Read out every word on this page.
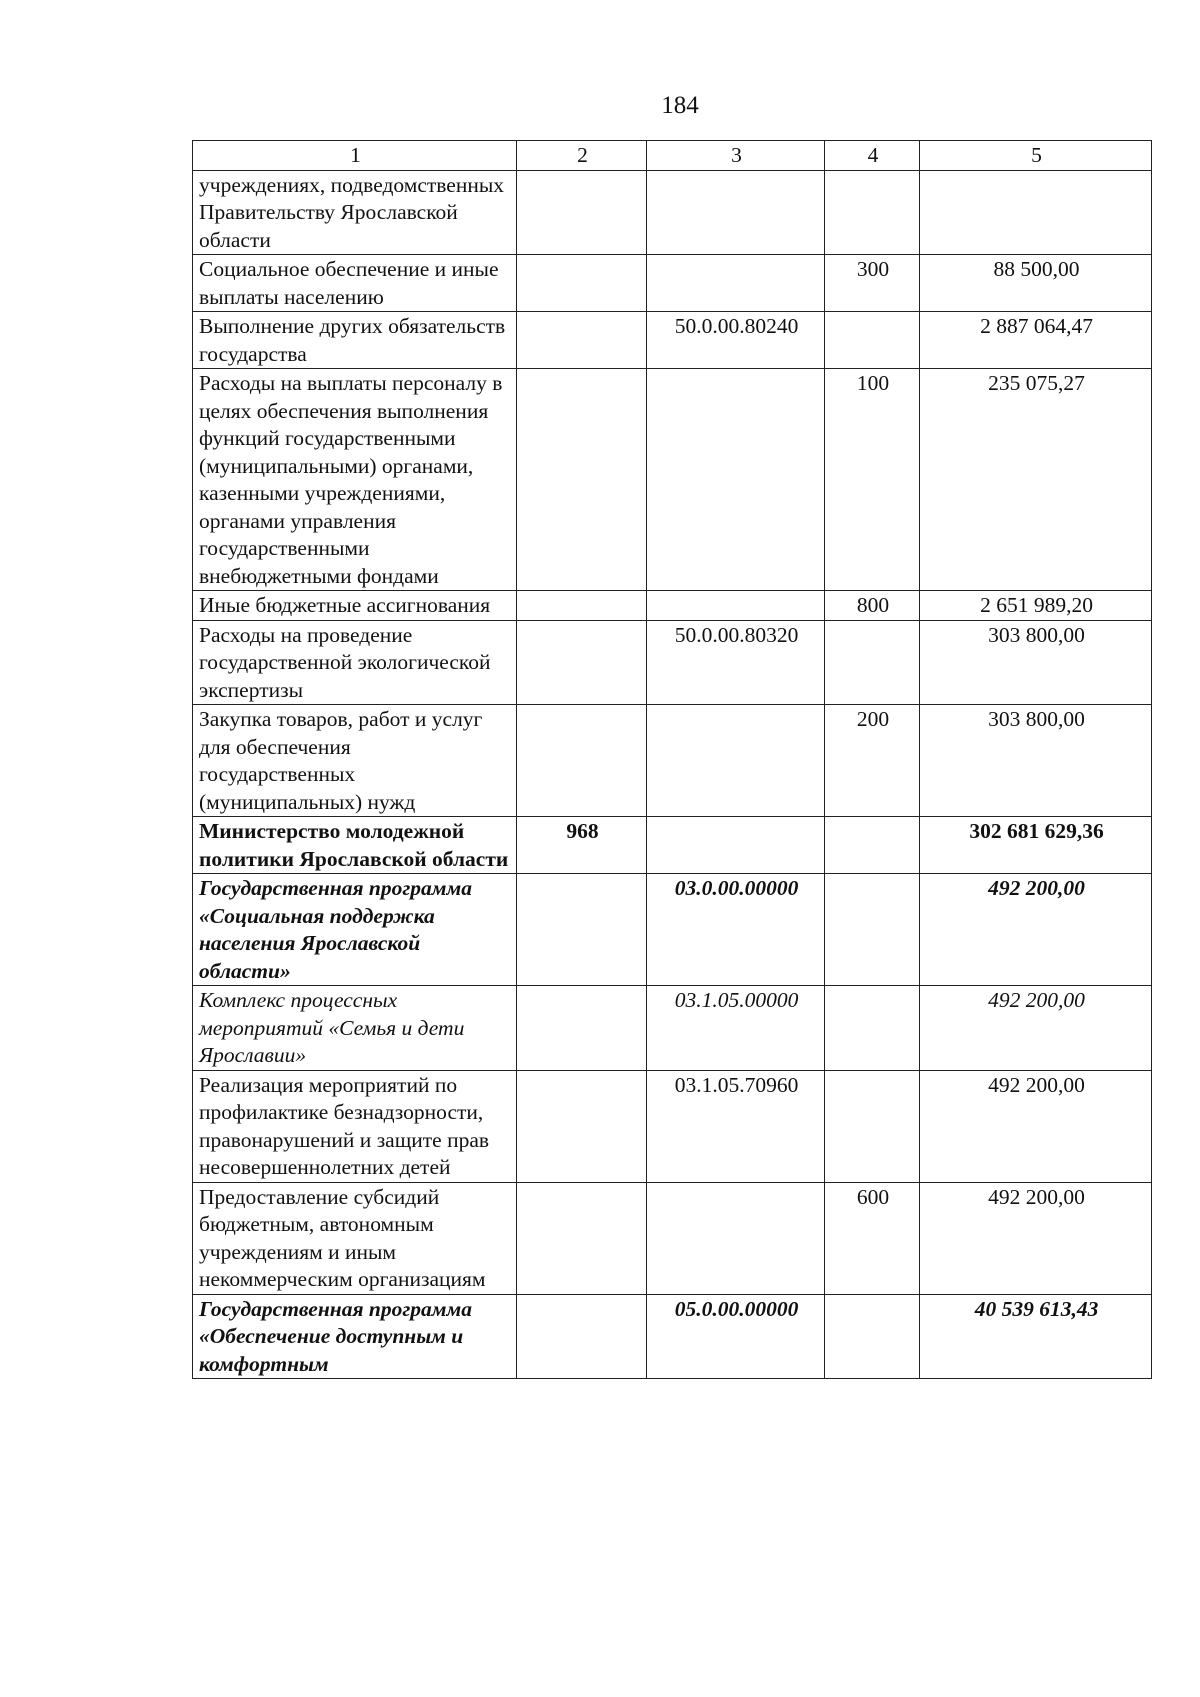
184
1	2	3	4	5
учреждениях, подведомственных Правительству Ярославской области				
Социальное обеспечение и иные выплаты населению			300	88 500,00
Выполнение других обязательств государства		50.0.00.80240		2 887 064,47
Расходы на выплаты персоналу в целях обеспечения выполнения функций государственными (муниципальными) органами, казенными учреждениями, органами управления государственными внебюджетными фондами			100	235 075,27
Иные бюджетные ассигнования			800	2 651 989,20
Расходы на проведение государственной экологической экспертизы		50.0.00.80320		303 800,00
Закупка товаров, работ и услуг для обеспечения государственных (муниципальных) нужд			200	303 800,00
Министерство молодежной политики Ярославской области	968			302 681 629,36
Государственная программа «Социальная поддержка населения Ярославской области»		03.0.00.00000		492 200,00
Комплекс процессных мероприятий «Семья и дети Ярославии»		03.1.05.00000		492 200,00
Реализация мероприятий по профилактике безнадзорности, правонарушений и защите прав несовершеннолетних детей		03.1.05.70960		492 200,00
Предоставление субсидий бюджетным, автономным учреждениям и иным некоммерческим организациям			600	492 200,00
Государственная программа «Обеспечение доступным и комфортным		05.0.00.00000		40 539 613,43
